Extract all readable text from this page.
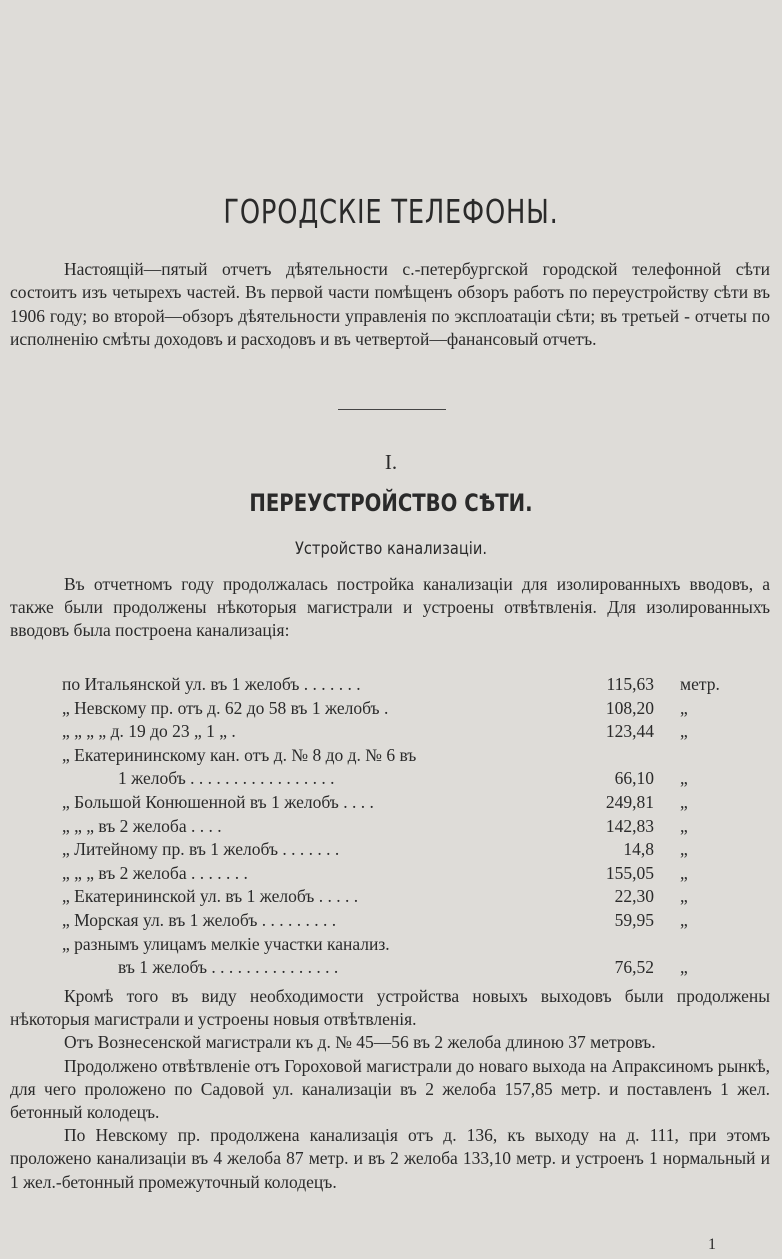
ГОРОДСКІЕ ТЕЛЕФОНЫ.

Настоящій—пятый отчетъ дѣятельности с.-петербургской городской телефонной сѣти состоитъ изъ четырехъ частей. Въ первой части помѣщенъ обзоръ работъ по переустройству сѣти въ 1906 году; во второй—обзоръ дѣятельности управленія по эксплоатаціи сѣти; въ третьей - отчеты по исполненію смѣты доходовъ и расходовъ и въ четвертой—фанансовый отчетъ.

I.
ПЕРЕУСТРОЙСТВО СѢТИ.
Устройство канализаціи.

Въ отчетномъ году продолжалась постройка канализаціи для изолированныхъ вводовъ, а также были продолжены нѣкоторыя магистрали и устроены отвѣтвленія. Для изолированныхъ вводовъ была построена канализація:

по Итальянской ул. въ 1 желобъ . . . . . . .	115,63 метр.
„ Невскому пр. отъ д. 62 до 58 въ 1 желобъ .	108,20 „
„ „ „ „ д. 19 до 23 „ 1 „ .	123,44 „
„ Екатерининскому кан. отъ д. № 8 до д. № 6 въ
1 желобъ . . . . . . . . . . . . . . . . .	66,10 „
„ Большой Конюшенной въ 1 желобъ . . . .	249,81 „
„ „ „ въ 2 желоба . . . .	142,83 „
„ Литейному пр. въ 1 желобъ . . . . . . .	14,8 „
„ „ „ въ 2 желоба . . . . . . .	155,05 „
„ Екатерининской ул. въ 1 желобъ . . . . .	22,30 „
„ Морская ул. въ 1 желобъ . . . . . . . . .	59,95 „
„ разнымъ улицамъ мелкіе участки канализ.
въ 1 желобъ . . . . . . . . . . . . . . .	76,52 „

Кромѣ того въ виду необходимости устройства новыхъ выходовъ были продолжены нѣкоторыя магистрали и устроены новыя отвѣтвленія.

Отъ Вознесенской магистрали къ д. № 45—56 въ 2 желоба длиною 37 метровъ.

Продолжено отвѣтвленіе отъ Гороховой магистрали до новаго выхода на Апраксиномъ рынкѣ, для чего проложено по Садовой ул. канализаціи въ 2 желоба 157,85 метр. и поставленъ 1 жел. бетонный колодецъ.

По Невскому пр. продолжена канализація отъ д. 136, къ выходу на д. 111, при этомъ проложено канализаціи въ 4 желоба 87 метр. и въ 2 желоба 133,10 метр. и устроенъ 1 нормальный и 1 жел.-бетонный промежуточный колодецъ.

1
